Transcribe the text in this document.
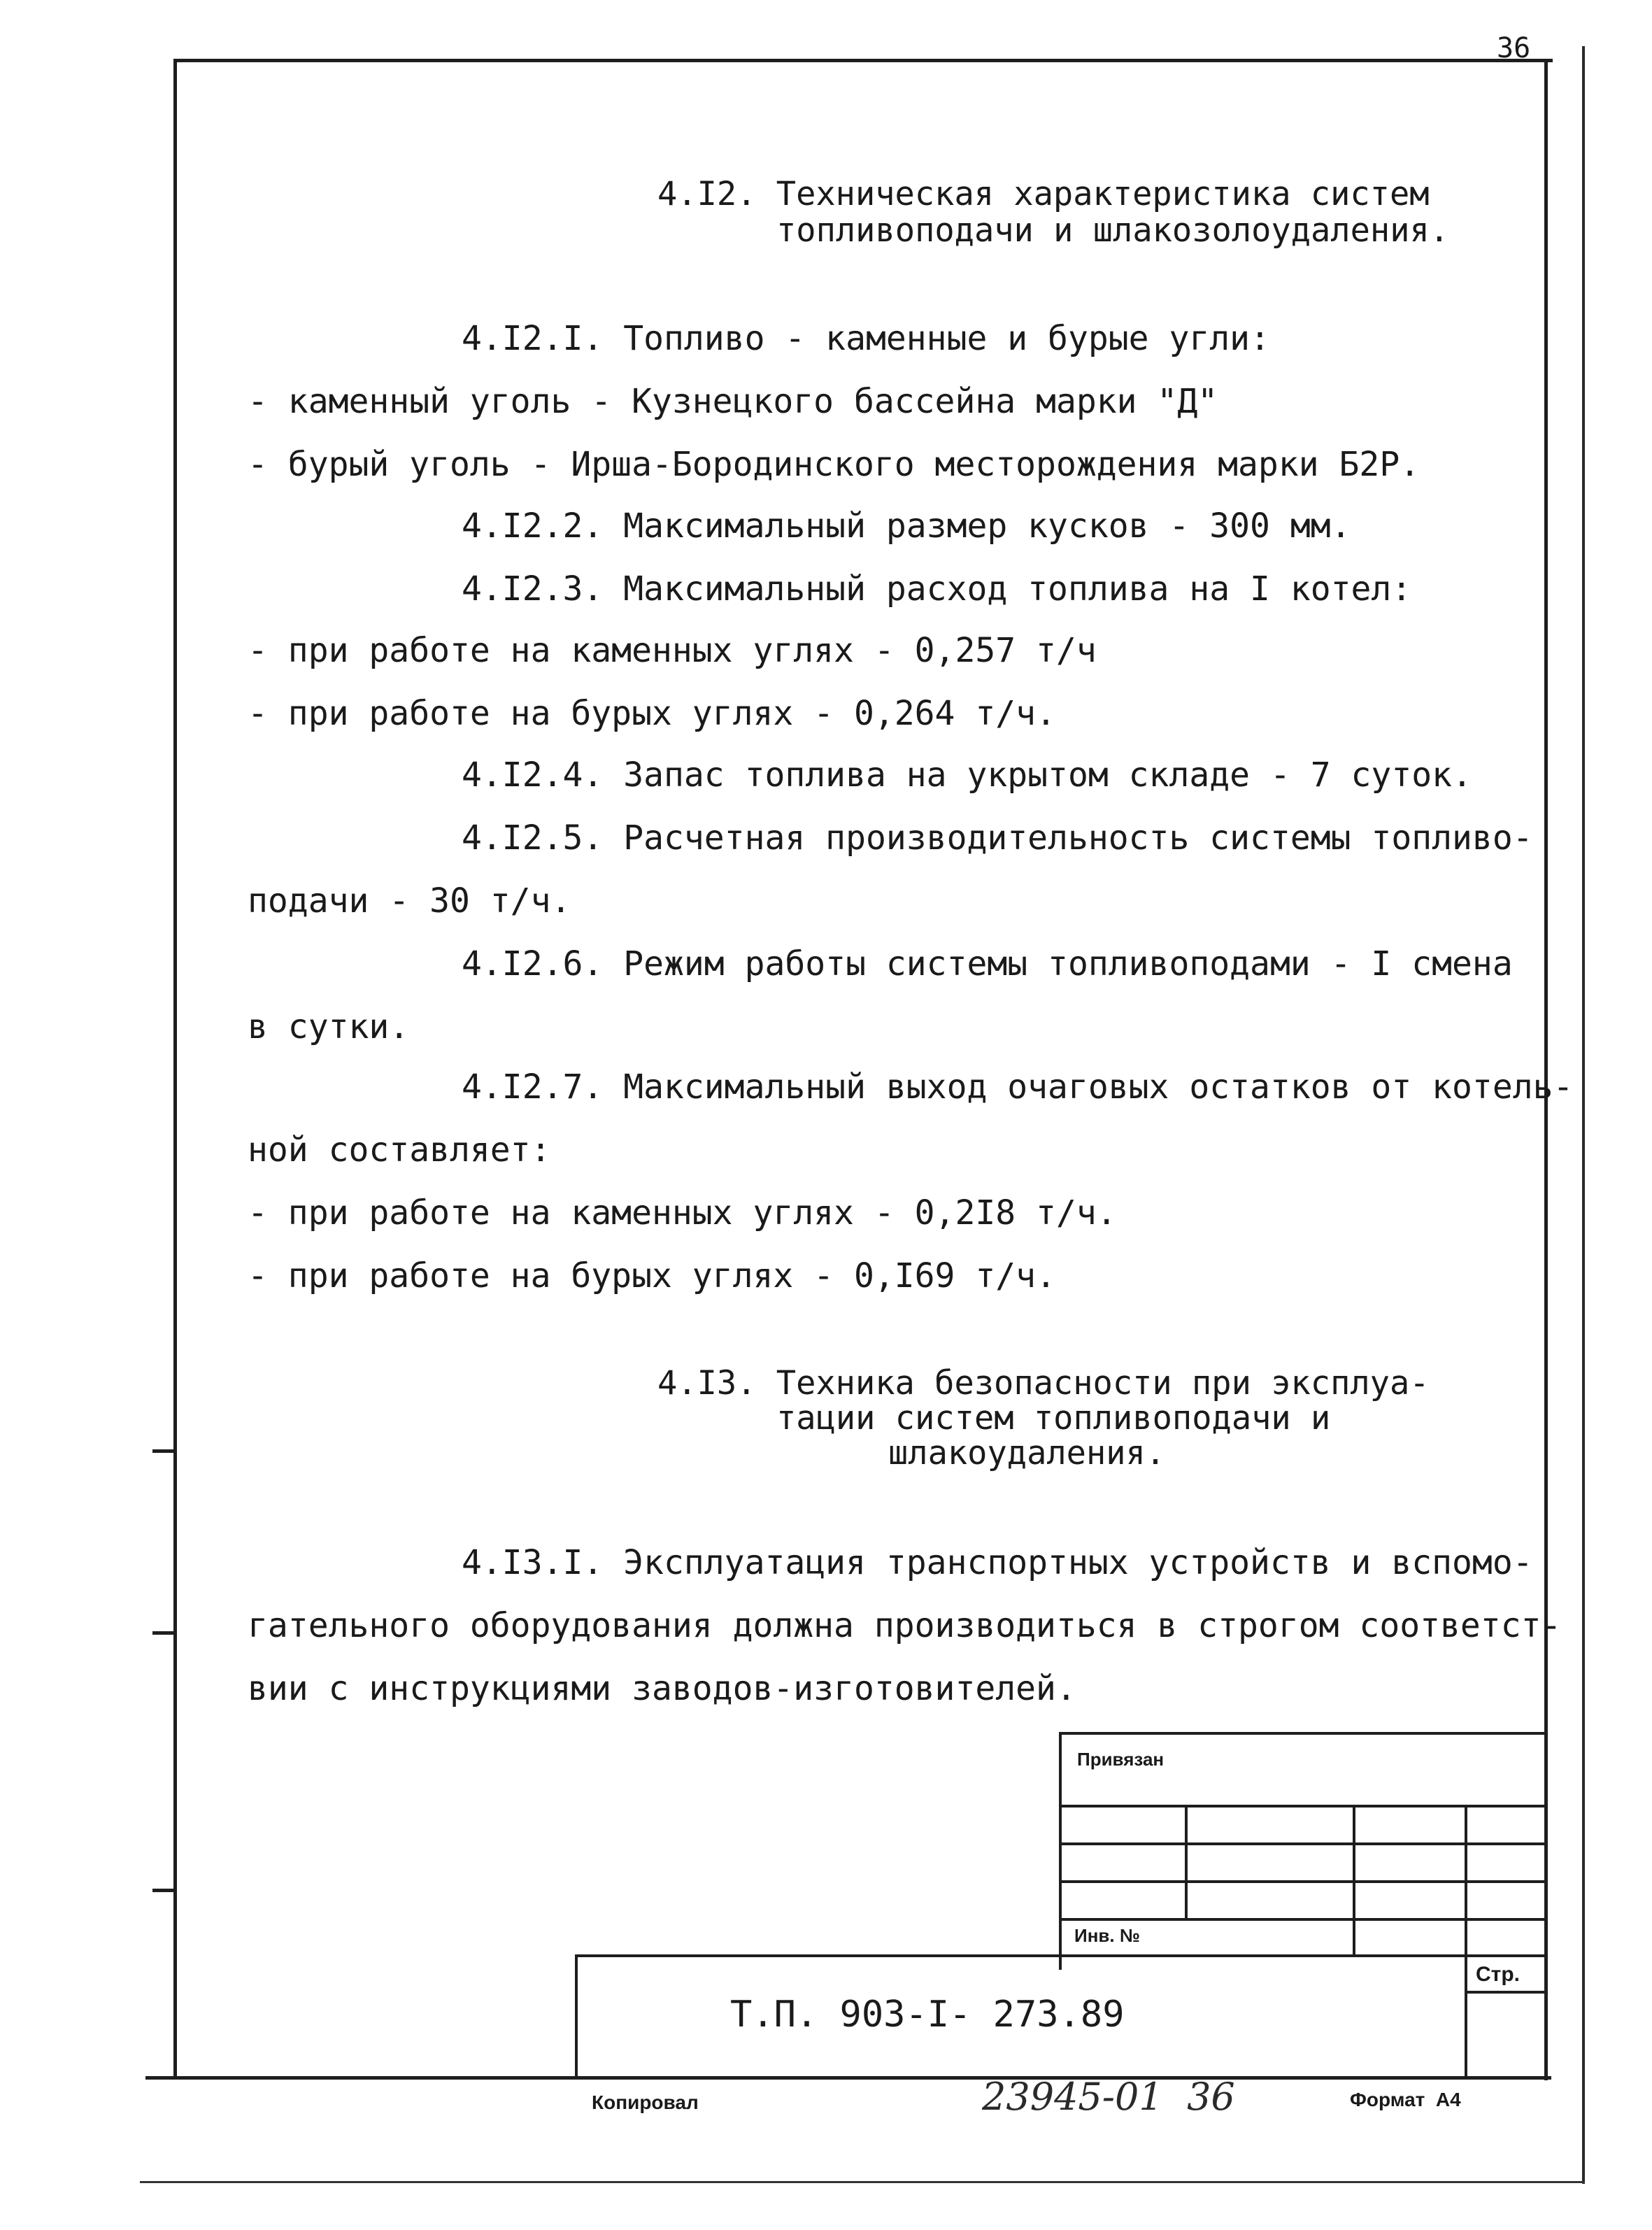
36
4.I2. Техническая характеристика систем
топливоподачи и шлакозолоудаления.
4.I2.I. Топливо - каменные и бурые угли:
- каменный уголь - Кузнецкого бассейна марки "Д"
- бурый уголь - Ирша-Бородинского месторождения марки Б2Р.
4.I2.2. Максимальный размер кусков - 300 мм.
4.I2.3. Максимальный расход топлива на I котел:
- при работе на каменных углях - 0,257 т/ч
- при работе на бурых углях - 0,264 т/ч.
4.I2.4. Запас топлива на укрытом складе - 7 суток.
4.I2.5. Расчетная производительность системы топливо-
подачи - 30 т/ч.
4.I2.6. Режим работы системы топливоподами - I смена
в сутки.
4.I2.7. Максимальный выход очаговых остатков от котель-
ной составляет:
- при работе на каменных углях - 0,2I8 т/ч.
- при работе на бурых углях - 0,I69 т/ч.
4.I3. Техника безопасности при эксплуа-
тации систем топливоподачи и
шлакоудаления.
4.I3.I. Эксплуатация транспортных устройств и вспомо-
гательного оборудования должна производиться в строгом соответст-
вии с инструкциями заводов-изготовителей.
Привязан
Инв. №
Стр.
Т.П. 903-I- 273.89
Копировал	23945-01  36	Формат  А4
